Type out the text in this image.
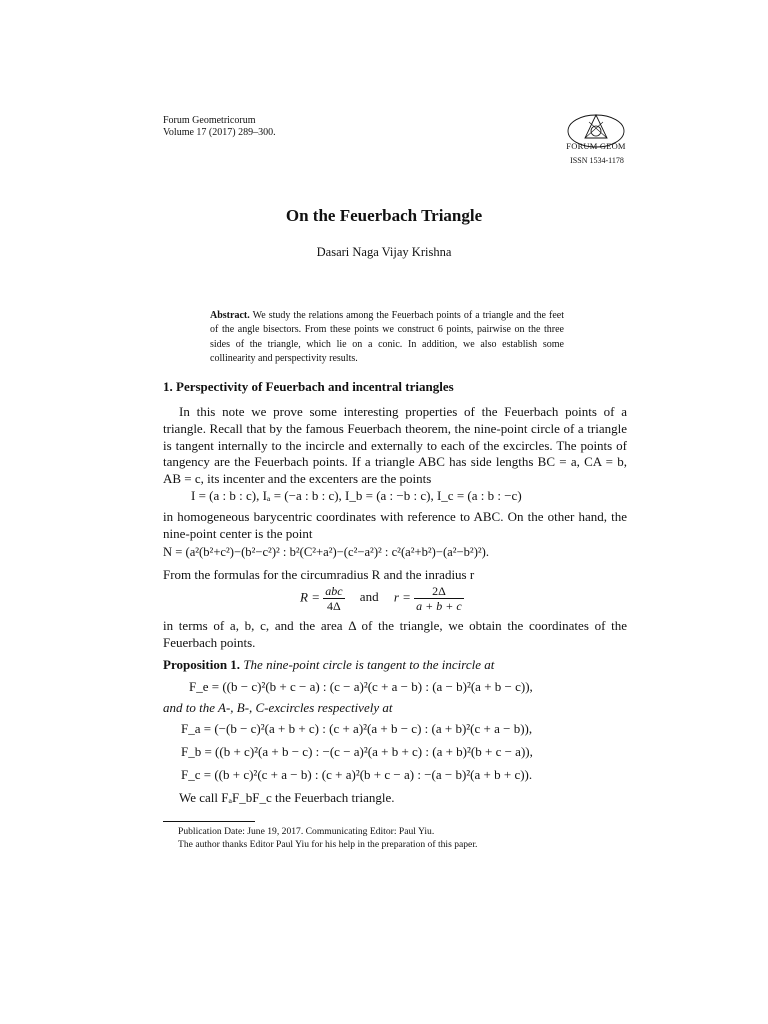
Forum Geometricorum
Volume 17 (2017) 289–300.
FORUM GEOM
ISSN 1534-1178
On the Feuerbach Triangle
Dasari Naga Vijay Krishna
Abstract. We study the relations among the Feuerbach points of a triangle and the feet of the angle bisectors. From these points we construct 6 points, pairwise on the three sides of the triangle, which lie on a conic. In addition, we also establish some collinearity and perspectivity results.
1. Perspectivity of Feuerbach and incentral triangles
In this note we prove some interesting properties of the Feuerbach points of a triangle. Recall that by the famous Feuerbach theorem, the nine-point circle of a triangle is tangent internally to the incircle and externally to each of the excircles. The points of tangency are the Feuerbach points. If a triangle ABC has side lengths BC = a, CA = b, AB = c, its incenter and the excenters are the points
I = (a : b : c), Iₐ = (−a : b : c), I_b = (a : −b : c), I_c = (a : b : −c)
in homogeneous barycentric coordinates with reference to ABC. On the other hand, the nine-point center is the point
N = (a²(b²+c²)−(b²−c²)² : b²(C²+a²)−(c²−a²)² : c²(a²+b²)−(a²−b²)²).
From the formulas for the circumradius R and the inradius r
$R = \frac{\text{abc}}{4\Delta}$ and $r = \frac{2\Delta}{a + b + c}$
in terms of a, b, c, and the area Δ of the triangle, we obtain the coordinates of the Feuerbach points.
Proposition 1. The nine-point circle is tangent to the incircle at
F_e = ((b − c)²(b + c − a) : (c − a)²(c + a − b) : (a − b)²(a + b − c)),
and to the A-, B-, C-excircles respectively at
F_a = (−(b − c)²(a + b + c) : (c + a)²(a + b − c) : (a + b)²(c + a − b)),
F_b = ((b + c)²(a + b − c) : −(c − a)²(a + b + c) : (a + b)²(b + c − a)),
F_c = ((b + c)²(c + a − b) : (c + a)²(b + c − a) : −(a − b)²(a + b + c)).
We call FₐF_bF_c the Feuerbach triangle.
Publication Date: June 19, 2017. Communicating Editor: Paul Yiu.
The author thanks Editor Paul Yiu for his help in the preparation of this paper.
